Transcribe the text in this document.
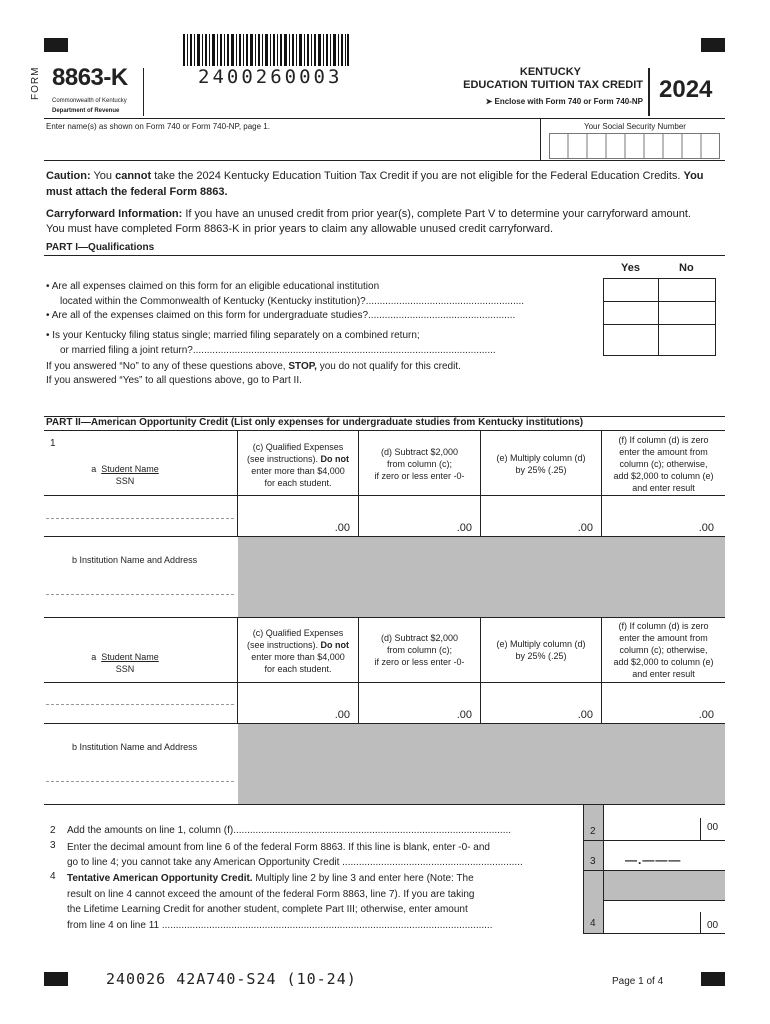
FORM 8863-K
Commonwealth of Kentucky
Department of Revenue
2400260003	KENTUCKY
EDUCATION TUITION TAX CREDIT
➤ Enclose with Form 740 or Form 740-NP 2024
Enter name(s) as shown on Form 740 or Form 740-NP, page 1.	Your Social Security Number
Caution: You cannot take the 2024 Kentucky Education Tuition Tax Credit if you are not eligible for the Federal Education Credits. You
must attach the federal Form 8863.
Carryforward Information: If you have an unused credit from prior year(s), complete Part V to determine your carryforward amount.
You must have completed Form 8863-K in prior years to claim any allowable unused credit carryforward.
PART I—Qualifications
Yes	No
• Are all expenses claimed on this form for an eligible educational institution
located within the Commonwealth of Kentucky (Kentucky institution)?.........................................................
• Are all of the expenses claimed on this form for undergraduate studies?.....................................................
• Is your Kentucky filing status single; married filing separately on a combined return;
or married filing a joint return?.............................................................................................................
If you answered “No” to any of these questions above, STOP, you do not qualify for this credit.
If you answered “Yes” to all questions above, go to Part II.
PART II—American Opportunity Credit (List only expenses for undergraduate studies from Kentucky institutions)
1
a Student Name
SSN
(c) Qualified Expenses
(see instructions). Do not
enter more than $4,000
for each student.
(d) Subtract $2,000
from column (c);
if zero or less enter -0-
(e) Multiply column (d)
by 25% (.25)
(f) If column (d) is zero
enter the amount from
column (c); otherwise,
add $2,000 to column (e)
and enter result
.00	.00	.00	.00
b Institution Name and Address
a Student Name
SSN
(c) Qualified Expenses
(see instructions). Do not
enter more than $4,000
for each student.
(d) Subtract $2,000
from column (c);
if zero or less enter -0-
(e) Multiply column (d)
by 25% (.25)
(f) If column (d) is zero
enter the amount from
column (c); otherwise,
add $2,000 to column (e)
and enter result
.00	.00	.00	.00
b Institution Name and Address
2 Add the amounts on line 1, column (f)....................................................................................................	2	00
3 Enter the decimal amount from line 6 of the federal Form 8863. If this line is blank, enter -0- and
go to line 4; you cannot take any American Opportunity Credit .................................................................	3 —.———
4 Tentative American Opportunity Credit. Multiply line 2 by line 3 and enter here (Note: The
result on line 4 cannot exceed the amount of the federal Form 8863, line 7). If you are taking
the Lifetime Learning Credit for another student, complete Part III; otherwise, enter amount
from line 4 on line 11 .......................................................................................................................	4	00
240026 42A740-S24 (10-24)	Page 1 of 4
